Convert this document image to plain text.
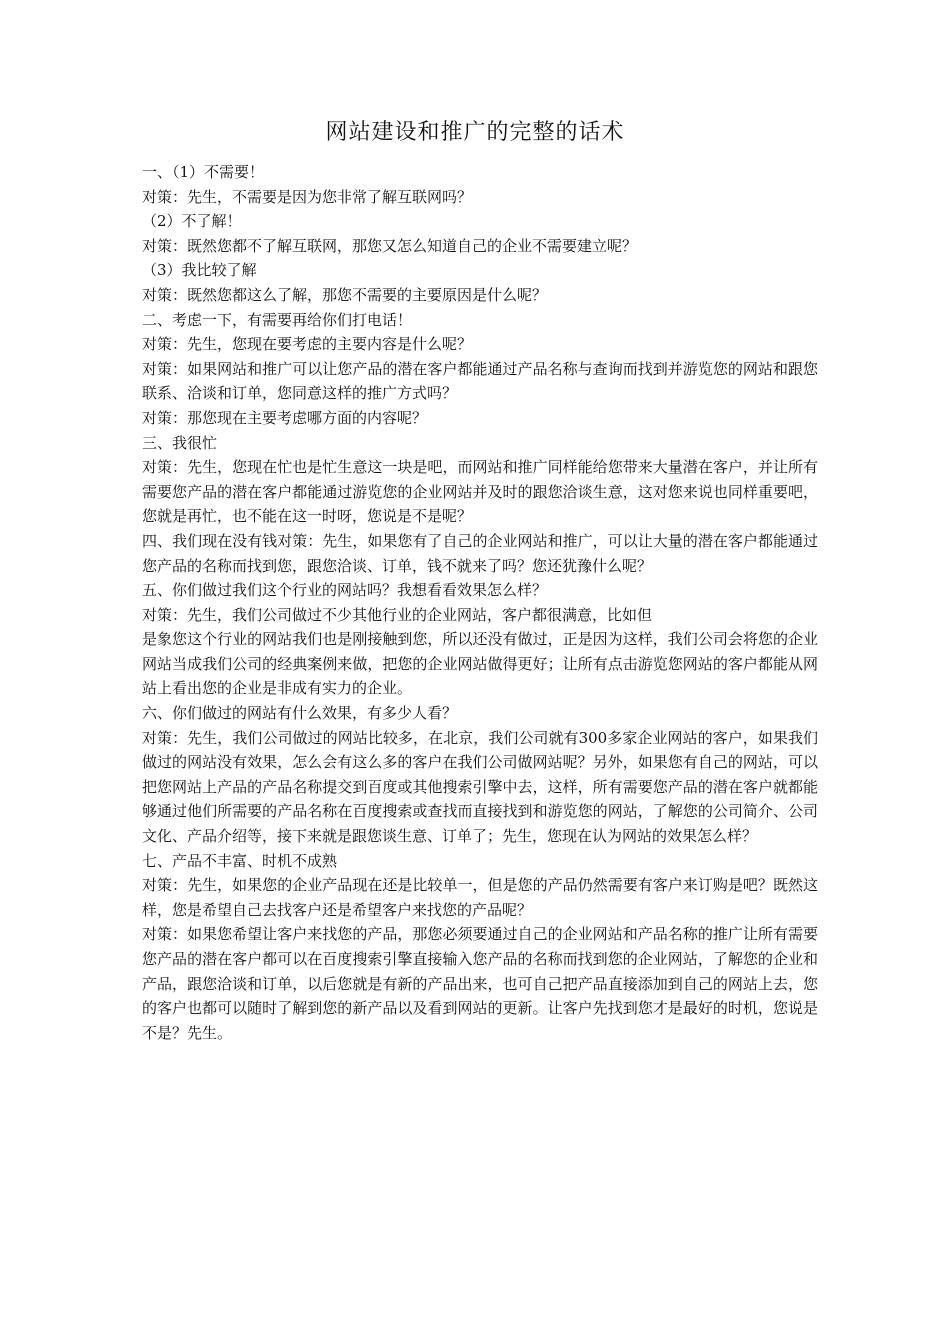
网站建设和推广的完整的话术

一、（1）不需要！

对策：先生，不需要是因为您非常了解互联网吗？

（2）不了解！

对策：既然您都不了解互联网，那您又怎么知道自己的企业不需要建立呢？

（3）我比较了解

对策：既然您都这么了解，那您不需要的主要原因是什么呢？

二、考虑一下，有需要再给你们打电话！

对策：先生，您现在要考虑的主要内容是什么呢？

对策：如果网站和推广可以让您产品的潜在客户都能通过产品名称与查询而找到并游览您的网站和跟您联系、洽谈和订单，您同意这样的推广方式吗？

对策：那您现在主要考虑哪方面的内容呢？

三、我很忙

对策：先生，您现在忙也是忙生意这一块是吧，而网站和推广同样能给您带来大量潜在客户，并让所有需要您产品的潜在客户都能通过游览您的企业网站并及时的跟您洽谈生意，这对您来说也同样重要吧，您就是再忙，也不能在这一时呀，您说是不是呢？

四、我们现在没有钱对策：先生，如果您有了自己的企业网站和推广，可以让大量的潜在客户都能通过您产品的名称而找到您，跟您洽谈、订单，钱不就来了吗？您还犹豫什么呢？

五、你们做过我们这个行业的网站吗？我想看看效果怎么样？

对策：先生，我们公司做过不少其他行业的企业网站，客户都很满意，比如但

是象您这个行业的网站我们也是刚接触到您，所以还没有做过，正是因为这样，我们公司会将您的企业网站当成我们公司的经典案例来做，把您的企业网站做得更好；让所有点击游览您网站的客户都能从网站上看出您的企业是非成有实力的企业。

六、你们做过的网站有什么效果，有多少人看？

对策：先生，我们公司做过的网站比较多，在北京，我们公司就有300多家企业网站的客户，如果我们做过的网站没有效果，怎么会有这么多的客户在我们公司做网站呢？另外，如果您有自己的网站，可以把您网站上产品的产品名称提交到百度或其他搜索引擎中去，这样，所有需要您产品的潜在客户就都能够通过他们所需要的产品名称在百度搜索或查找而直接找到和游览您的网站，了解您的公司简介、公司文化、产品介绍等，接下来就是跟您谈生意、订单了；先生，您现在认为网站的效果怎么样？

七、产品不丰富、时机不成熟

对策：先生，如果您的企业产品现在还是比较单一，但是您的产品仍然需要有客户来订购是吧？既然这样，您是希望自己去找客户还是希望客户来找您的产品呢？

对策：如果您希望让客户来找您的产品，那您必须要通过自己的企业网站和产品名称的推广让所有需要您产品的潜在客户都可以在百度搜索引擎直接输入您产品的名称而找到您的企业网站，了解您的企业和产品，跟您洽谈和订单，以后您就是有新的产品出来，也可自己把产品直接添加到自己的网站上去，您的客户也都可以随时了解到您的新产品以及看到网站的更新。让客户先找到您才是最好的时机，您说是不是？先生。
